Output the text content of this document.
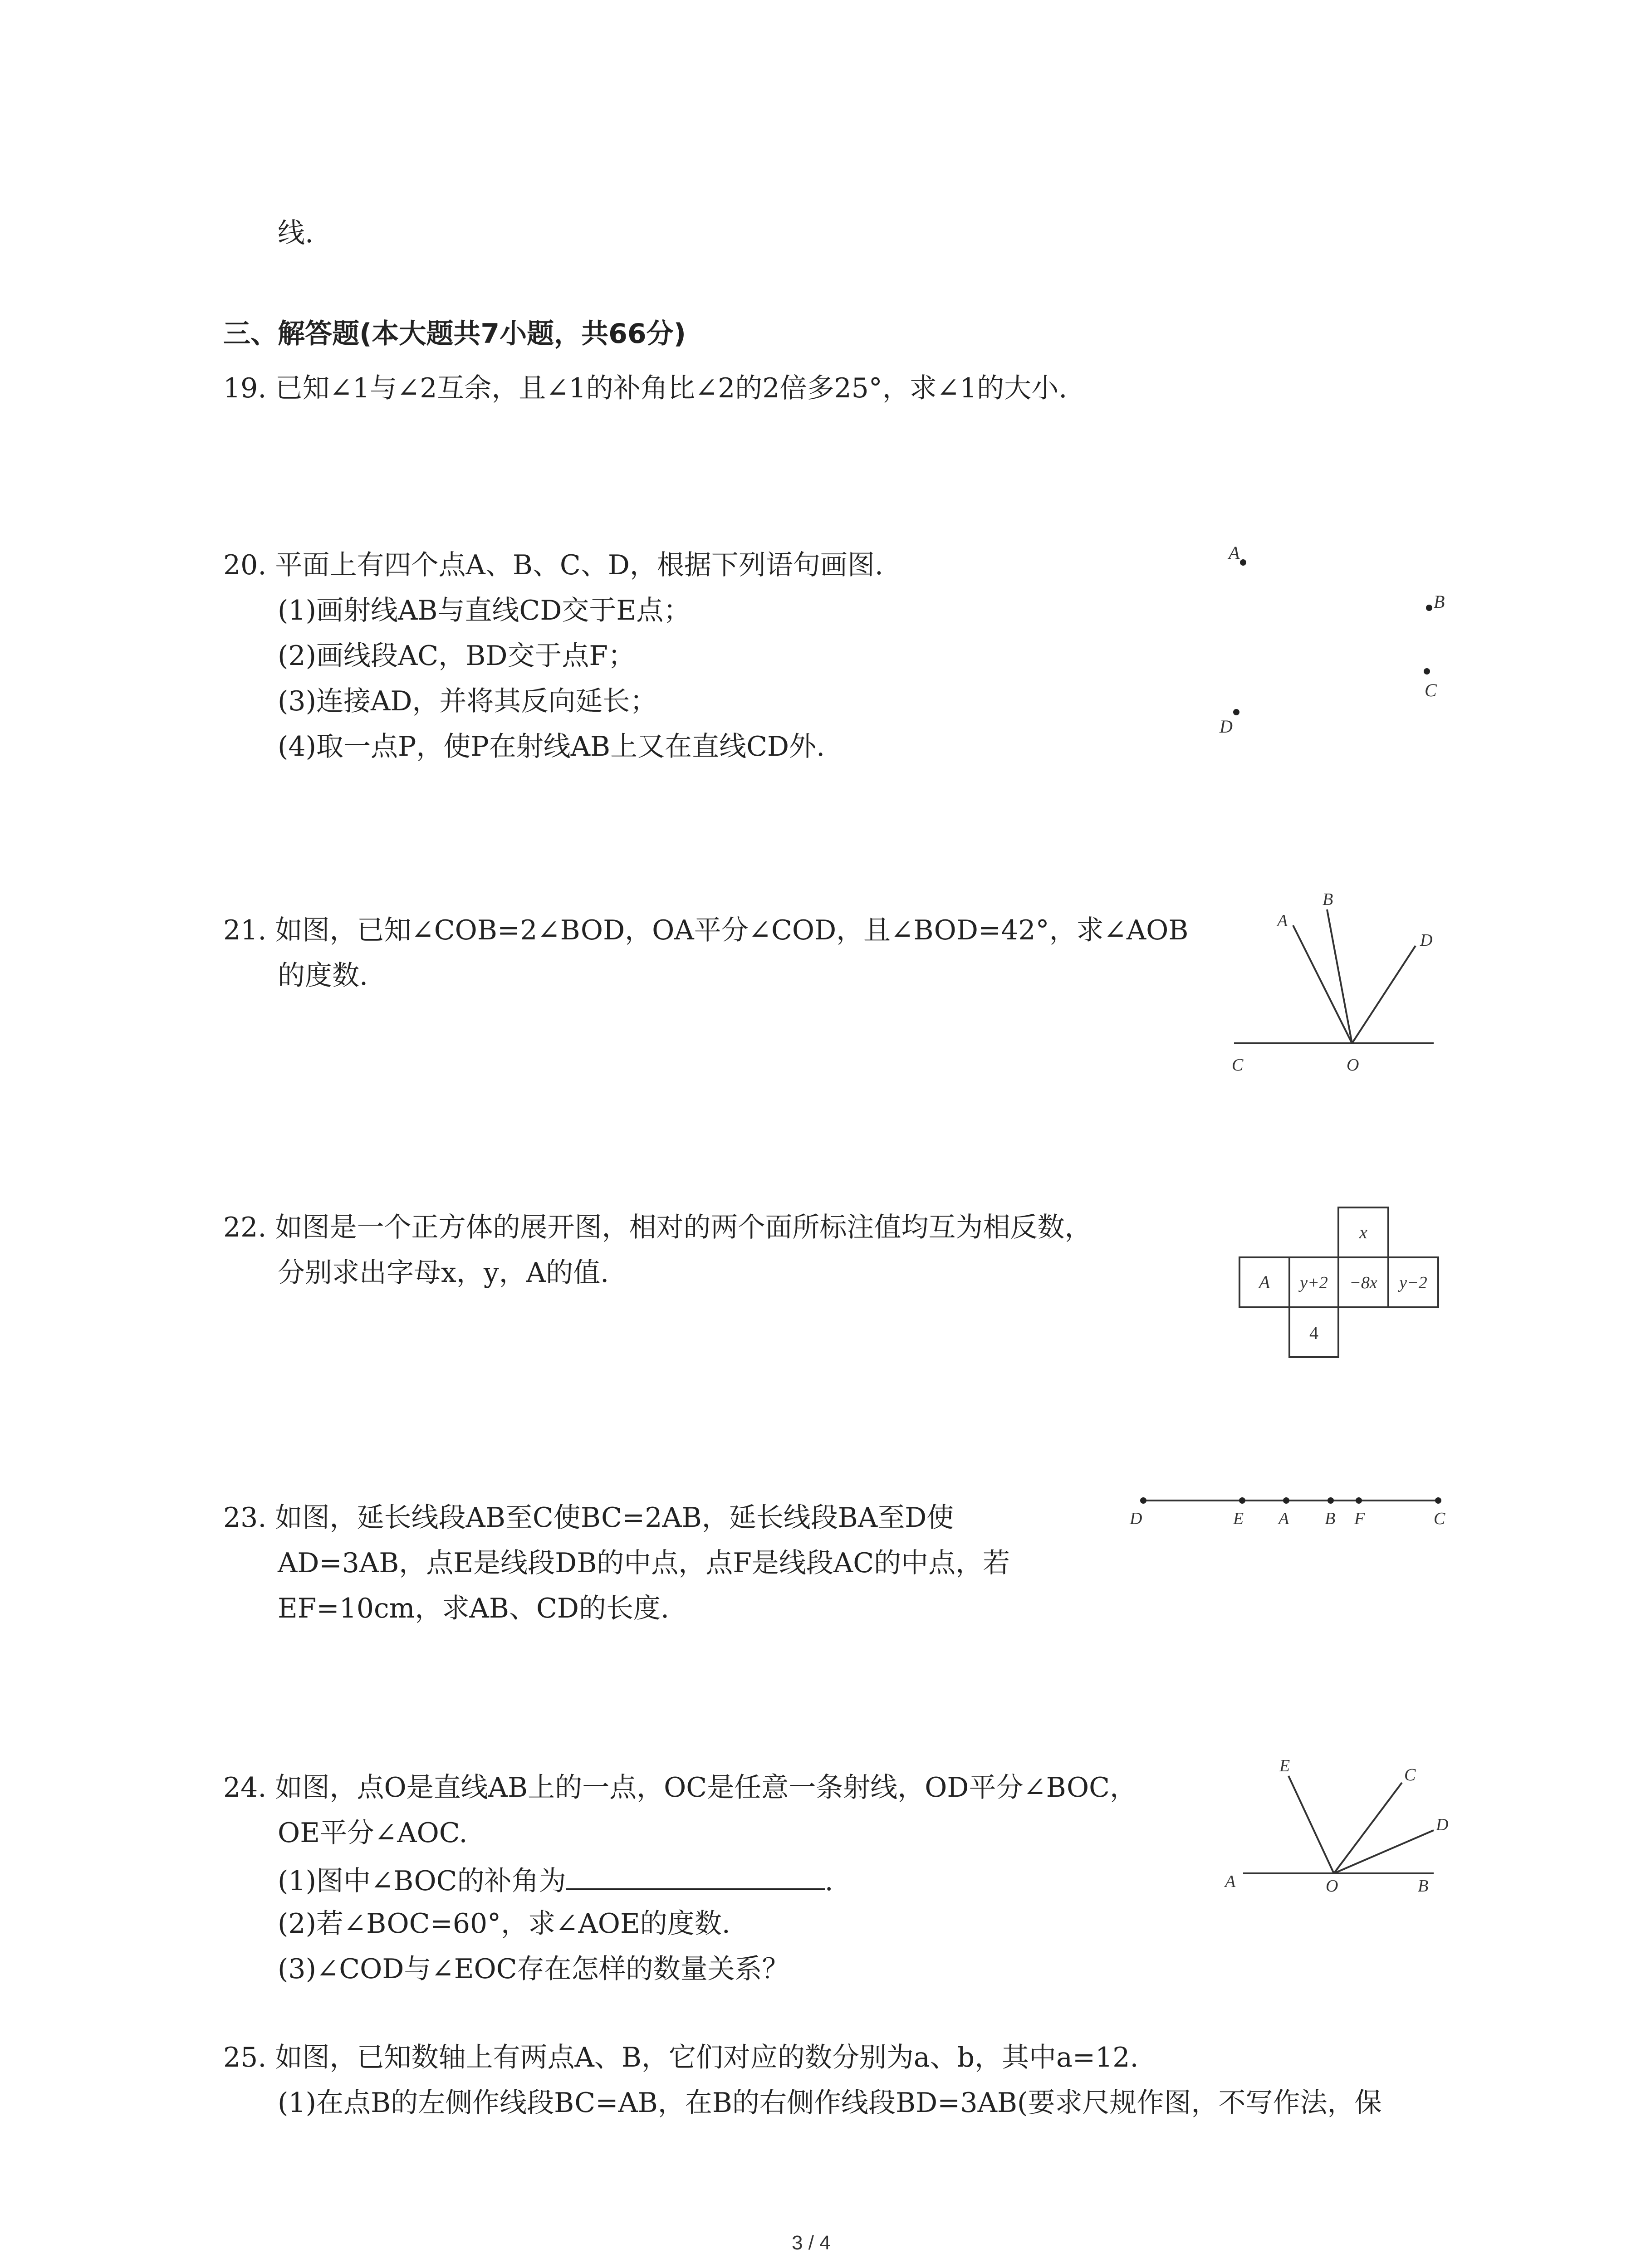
线.
三、解答题(本大题共7小题，共66分)
19. 已知∠1与∠2互余，且∠1的补角比∠2的2倍多25°，求∠1的大小.
20. 平面上有四个点A、B、C、D，根据下列语句画图.
(1)画射线AB与直线CD交于E点；
(2)画线段AC，BD交于点F；
(3)连接AD，并将其反向延长；
(4)取一点P，使P在射线AB上又在直线CD外.
A
B
C
D
21. 如图，已知∠COB=2∠BOD，OA平分∠COD，且∠BOD=42°，求∠AOB
的度数.
B
A
D
C	O
22. 如图是一个正方体的展开图，相对的两个面所标注值均互为相反数，
分别求出字母x，y，A的值.
x
A y+2 −8x y−2
4
23. 如图，延长线段AB至C使BC=2AB，延长线段BA至D使
AD=3AB，点E是线段DB的中点，点F是线段AC的中点，若
EF=10cm，求AB、CD的长度.
D	E A B F	C
24. 如图，点O是直线AB上的一点，OC是任意一条射线，OD平分∠BOC，
OE平分∠AOC.
(1)图中∠BOC的补角为	.
(2)若∠BOC=60°，求∠AOE的度数.
(3)∠COD与∠EOC存在怎样的数量关系？
E	C
D
A	O	B
25. 如图，已知数轴上有两点A、B，它们对应的数分别为a、b，其中a=12.
(1)在点B的左侧作线段BC=AB，在B的右侧作线段BD=3AB(要求尺规作图，不写作法，保
3 / 4
